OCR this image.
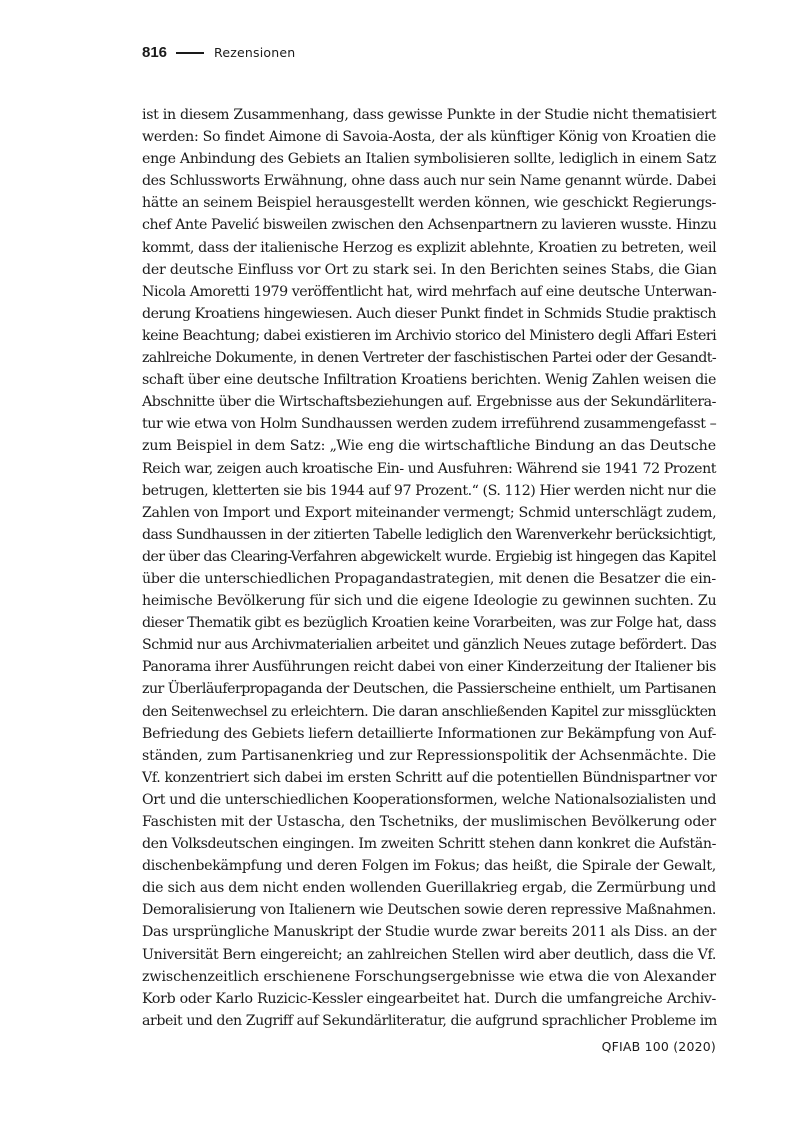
816	Rezensionen
ist in diesem Zusammenhang, dass gewisse Punkte in der Studie nicht thematisiert
werden: So findet Aimone di Savoia-Aosta, der als künftiger König von Kroatien die
enge Anbindung des Gebiets an Italien symbolisieren sollte, lediglich in einem Satz
des Schlussworts Erwähnung, ohne dass auch nur sein Name genannt würde. Dabei
hätte an seinem Beispiel herausgestellt werden können, wie geschickt Regierungs-
chef Ante Pavelić bisweilen zwischen den Achsenpartnern zu lavieren wusste. Hinzu
kommt, dass der italienische Herzog es explizit ablehnte, Kroatien zu betreten, weil
der deutsche Einfluss vor Ort zu stark sei. In den Berichten seines Stabs, die Gian
Nicola Amoretti 1979 veröffentlicht hat, wird mehrfach auf eine deutsche Unterwan-
derung Kroatiens hingewiesen. Auch dieser Punkt findet in Schmids Studie praktisch
keine Beachtung; dabei existieren im Archivio storico del Ministero degli Affari Esteri
zahlreiche Dokumente, in denen Vertreter der faschistischen Partei oder der Gesandt-
schaft über eine deutsche Infiltration Kroatiens berichten. Wenig Zahlen weisen die
Abschnitte über die Wirtschaftsbeziehungen auf. Ergebnisse aus der Sekundärlitera-
tur wie etwa von Holm Sundhaussen werden zudem irreführend zusammengefasst –
zum Beispiel in dem Satz: „Wie eng die wirtschaftliche Bindung an das Deutsche
Reich war, zeigen auch kroatische Ein- und Ausfuhren: Während sie 1941 72 Prozent
betrugen, kletterten sie bis 1944 auf 97 Prozent.“ (S. 112) Hier werden nicht nur die
Zahlen von Import und Export miteinander vermengt; Schmid unterschlägt zudem,
dass Sundhaussen in der zitierten Tabelle lediglich den Warenverkehr berücksichtigt,
der über das Clearing-Verfahren abgewickelt wurde. Ergiebig ist hingegen das Kapitel
über die unterschiedlichen Propagandastrategien, mit denen die Besatzer die ein-
heimische Bevölkerung für sich und die eigene Ideologie zu gewinnen suchten. Zu
dieser Thematik gibt es bezüglich Kroatien keine Vorarbeiten, was zur Folge hat, dass
Schmid nur aus Archivmaterialien arbeitet und gänzlich Neues zutage befördert. Das
Panorama ihrer Ausführungen reicht dabei von einer Kinderzeitung der Italiener bis
zur Überläuferpropaganda der Deutschen, die Passierscheine enthielt, um Partisanen
den Seitenwechsel zu erleichtern. Die daran anschließenden Kapitel zur missglückten
Befriedung des Gebiets liefern detaillierte Informationen zur Bekämpfung von Auf-
ständen, zum Partisanenkrieg und zur Repressionspolitik der Achsenmächte. Die
Vf. konzentriert sich dabei im ersten Schritt auf die potentiellen Bündnispartner vor
Ort und die unterschiedlichen Kooperationsformen, welche Nationalsozialisten und
Faschisten mit der Ustascha, den Tschetniks, der muslimischen Bevölkerung oder
den Volksdeutschen eingingen. Im zweiten Schritt stehen dann konkret die Aufstän-
dischenbekämpfung und deren Folgen im Fokus; das heißt, die Spirale der Gewalt,
die sich aus dem nicht enden wollenden Guerillakrieg ergab, die Zermürbung und
Demoralisierung von Italienern wie Deutschen sowie deren repressive Maßnahmen.
Das ursprüngliche Manuskript der Studie wurde zwar bereits 2011 als Diss. an der
Universität Bern eingereicht; an zahlreichen Stellen wird aber deutlich, dass die Vf.
zwischenzeitlich erschienene Forschungsergebnisse wie etwa die von Alexander
Korb oder Karlo Ruzicic-Kessler eingearbeitet hat. Durch die umfangreiche Archiv-
arbeit und den Zugriff auf Sekundärliteratur, die aufgrund sprachlicher Probleme im
QFIAB 100 (2020)
